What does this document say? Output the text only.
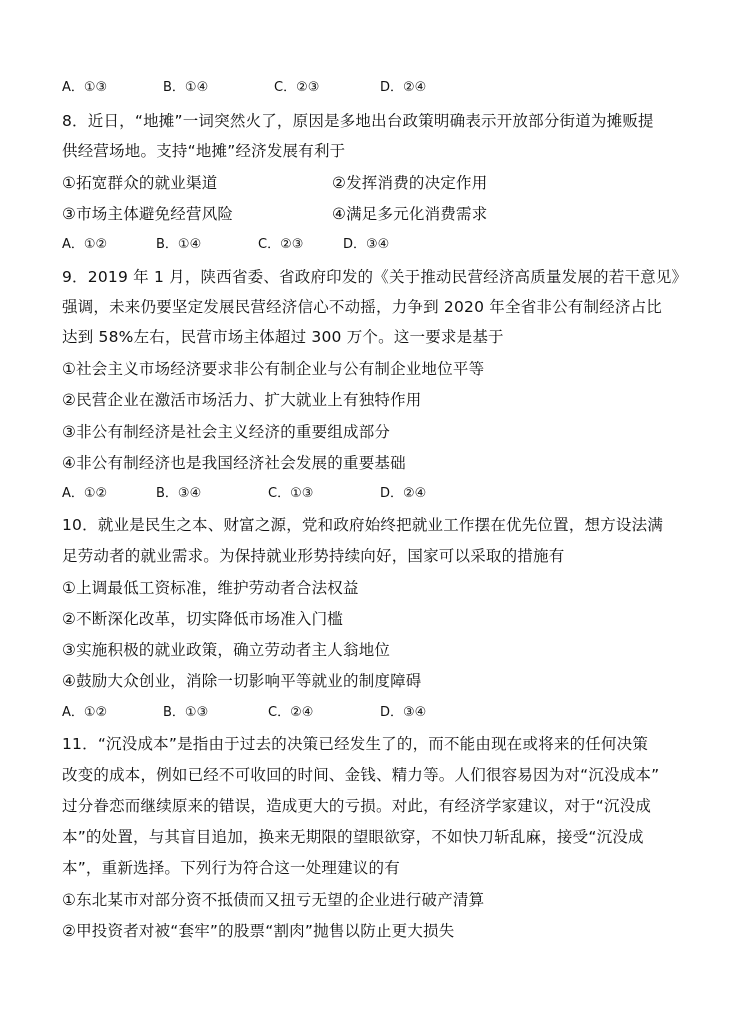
A．①③	B．①④	C．②③	D．②④
8．近日，“地摊”一词突然火了，原因是多地出台政策明确表示开放部分街道为摊贩提
供经营场地。支持“地摊”经济发展有利于
①拓宽群众的就业渠道	②发挥消费的决定作用
③市场主体避免经营风险	④满足多元化消费需求
A．①②	B．①④	C．②③	D．③④
9．2019 年 1 月，陕西省委、省政府印发的《关于推动民营经济高质量发展的若干意见》
强调，未来仍要坚定发展民营经济信心不动摇，力争到 2020 年全省非公有制经济占比
达到 58%左右，民营市场主体超过 300 万个。这一要求是基于
①社会主义市场经济要求非公有制企业与公有制企业地位平等
②民营企业在激活市场活力、扩大就业上有独特作用
③非公有制经济是社会主义经济的重要组成部分
④非公有制经济也是我国经济社会发展的重要基础
A．①②	B．③④	C．①③	D．②④
10．就业是民生之本、财富之源，党和政府始终把就业工作摆在优先位置，想方设法满
足劳动者的就业需求。为保持就业形势持续向好，国家可以采取的措施有
①上调最低工资标准，维护劳动者合法权益
②不断深化改革，切实降低市场准入门槛
③实施积极的就业政策，确立劳动者主人翁地位
④鼓励大众创业，消除一切影响平等就业的制度障碍
A．①②	B．①③	C．②④	D．③④
11．“沉没成本”是指由于过去的决策已经发生了的，而不能由现在或将来的任何决策
改变的成本，例如已经不可收回的时间、金钱、精力等。人们很容易因为对“沉没成本”
过分眷恋而继续原来的错误，造成更大的亏损。对此，有经济学家建议，对于“沉没成
本”的处置，与其盲目追加，换来无期限的望眼欲穿，不如快刀斩乱麻，接受“沉没成
本”，重新选择。下列行为符合这一处理建议的有
①东北某市对部分资不抵债而又扭亏无望的企业进行破产清算
②甲投资者对被“套牢”的股票“割肉”抛售以防止更大损失
